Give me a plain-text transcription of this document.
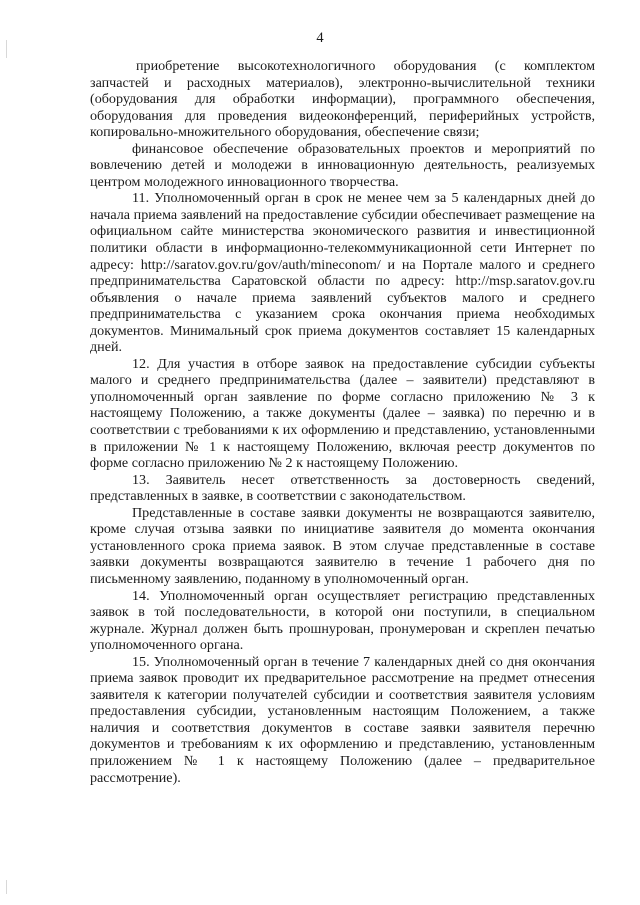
4

приобретение высокотехнологичного оборудования (с комплектом запчастей и расходных материалов), электронно-вычислительной техники (оборудования для обработки информации), программного обеспечения, оборудования для проведения видеоконференций, периферийных устройств, копировально-множительного оборудования, обеспечение связи;

финансовое обеспечение образовательных проектов и мероприятий по вовлечению детей и молодежи в инновационную деятельность, реализуемых центром молодежного инновационного творчества.

11. Уполномоченный орган в срок не менее чем за 5 календарных дней до начала приема заявлений на предоставление субсидии обеспечивает размещение на официальном сайте министерства экономического развития и инвестиционной политики области в информационно-телекоммуникационной сети Интернет по адресу: http://saratov.gov.ru/gov/auth/mineconom/ и на Портале малого и среднего предпринимательства Саратовской области по адресу: http://msp.saratov.gov.ru объявления о начале приема заявлений субъектов малого и среднего предпринимательства с указанием срока окончания приема необходимых документов. Минимальный срок приема документов составляет 15 календарных дней.

12. Для участия в отборе заявок на предоставление субсидии субъекты малого и среднего предпринимательства (далее – заявители) представляют в уполномоченный орган заявление по форме согласно приложению № 3 к настоящему Положению, а также документы (далее – заявка) по перечню и в соответствии с требованиями к их оформлению и представлению, установленными в приложении № 1 к настоящему Положению, включая реестр документов по форме согласно приложению № 2 к настоящему Положению.

13. Заявитель несет ответственность за достоверность сведений, представленных в заявке, в соответствии с законодательством.

Представленные в составе заявки документы не возвращаются заявителю, кроме случая отзыва заявки по инициативе заявителя до момента окончания установленного срока приема заявок. В этом случае представленные в составе заявки документы возвращаются заявителю в течение 1 рабочего дня по письменному заявлению, поданному в уполномоченный орган.

14. Уполномоченный орган осуществляет регистрацию представленных заявок в той последовательности, в которой они поступили, в специальном журнале. Журнал должен быть прошнурован, пронумерован и скреплен печатью уполномоченного органа.

15. Уполномоченный орган в течение 7 календарных дней со дня окончания приема заявок проводит их предварительное рассмотрение на предмет отнесения заявителя к категории получателей субсидии и соответствия заявителя условиям предоставления субсидии, установленным настоящим Положением, а также наличия и соответствия документов в составе заявки заявителя перечню документов и требованиям к их оформлению и представлению, установленным приложением № 1 к настоящему Положению (далее – предварительное рассмотрение).
